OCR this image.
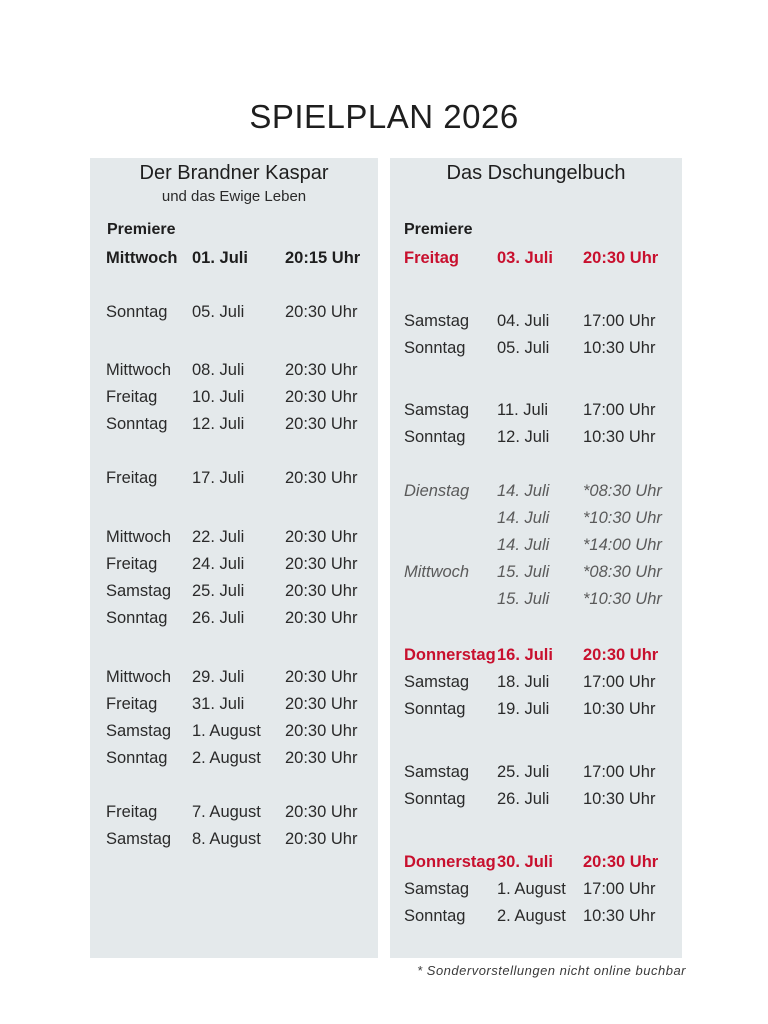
SPIELPLAN 2026
Der Brandner Kaspar
und das Ewige Leben
Premiere
Mittwoch 01. Juli 20:15 Uhr
Sonntag 05. Juli 20:30 Uhr
Mittwoch 08. Juli 20:30 Uhr
Freitag 10. Juli 20:30 Uhr
Sonntag 12. Juli 20:30 Uhr
Freitag 17. Juli 20:30 Uhr
Mittwoch 22. Juli 20:30 Uhr
Freitag 24. Juli 20:30 Uhr
Samstag 25. Juli 20:30 Uhr
Sonntag 26. Juli 20:30 Uhr
Mittwoch 29. Juli 20:30 Uhr
Freitag 31. Juli 20:30 Uhr
Samstag 1. August 20:30 Uhr
Sonntag 2. August 20:30 Uhr
Freitag 7. August 20:30 Uhr
Samstag 8. August 20:30 Uhr
Das Dschungelbuch
Premiere
Freitag 03. Juli 20:30 Uhr
Samstag 04. Juli 17:00 Uhr
Sonntag 05. Juli 10:30 Uhr
Samstag 11. Juli 17:00 Uhr
Sonntag 12. Juli 10:30 Uhr
Dienstag 14. Juli *08:30 Uhr
14. Juli *10:30 Uhr
14. Juli *14:00 Uhr
Mittwoch 15. Juli *08:30 Uhr
15. Juli *10:30 Uhr
Donnerstag 16. Juli 20:30 Uhr
Samstag 18. Juli 17:00 Uhr
Sonntag 19. Juli 10:30 Uhr
Samstag 25. Juli 17:00 Uhr
Sonntag 26. Juli 10:30 Uhr
Donnerstag 30. Juli 20:30 Uhr
Samstag 1. August 17:00 Uhr
Sonntag 2. August 10:30 Uhr
* Sondervorstellungen nicht online buchbar
